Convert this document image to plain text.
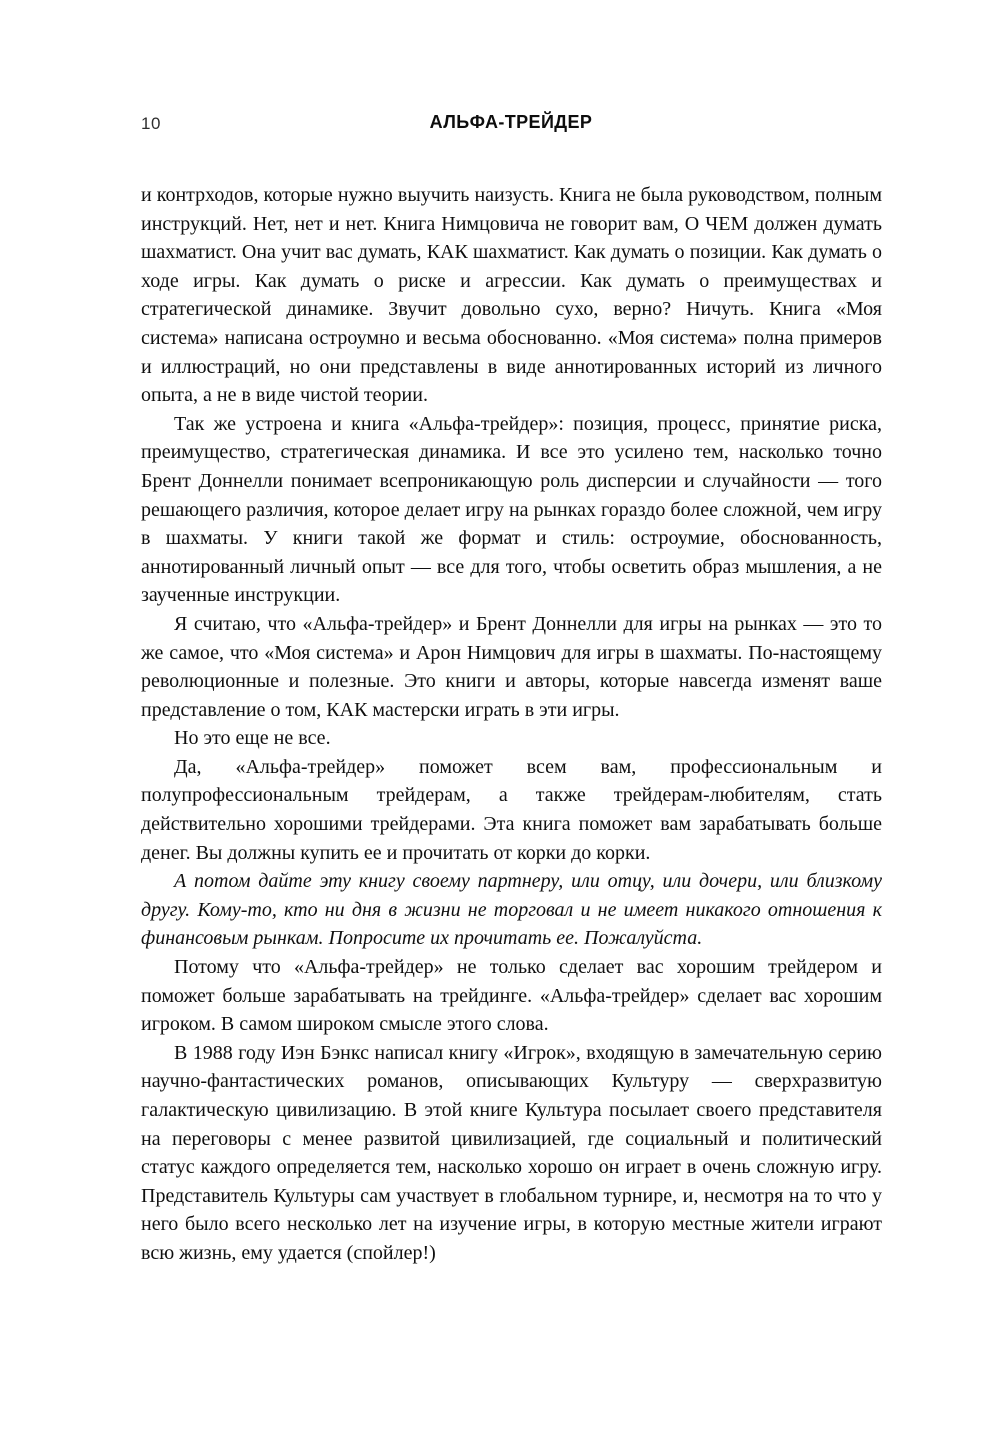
10	АЛЬФА-ТРЕЙДЕР

и контрходов, которые нужно выучить наизусть. Книга не была руководством, полным инструкций. Нет, нет и нет. Книга Нимцовича не говорит вам, О ЧЕМ должен думать шахматист. Она учит вас думать, КАК шахматист. Как думать о позиции. Как думать о ходе игры. Как думать о риске и агрессии. Как думать о преимуществах и стратегической динамике. Звучит довольно сухо, верно? Ничуть. Книга «Моя система» написана остроумно и весьма обоснованно. «Моя система» полна примеров и иллюстраций, но они представлены в виде аннотированных историй из личного опыта, а не в виде чистой теории.

Так же устроена и книга «Альфа-трейдер»: позиция, процесс, принятие риска, преимущество, стратегическая динамика. И все это усилено тем, насколько точно Брент Доннелли понимает всепроникающую роль дисперсии и случайности — того решающего различия, которое делает игру на рынках гораздо более сложной, чем игру в шахматы. У книги такой же формат и стиль: остроумие, обоснованность, аннотированный личный опыт — все для того, чтобы осветить образ мышления, а не заученные инструкции.

Я считаю, что «Альфа-трейдер» и Брент Доннелли для игры на рынках — это то же самое, что «Моя система» и Арон Нимцович для игры в шахматы. По-настоящему революционные и полезные. Это книги и авторы, которые навсегда изменят ваше представление о том, КАК мастерски играть в эти игры.

Но это еще не все.

Да, «Альфа-трейдер» поможет всем вам, профессиональным и полупрофессиональным трейдерам, а также трейдерам-любителям, стать действительно хорошими трейдерами. Эта книга поможет вам зарабатывать больше денег. Вы должны купить ее и прочитать от корки до корки.

А потом дайте эту книгу своему партнеру, или отцу, или дочери, или близкому другу. Кому-то, кто ни дня в жизни не торговал и не имеет никакого отношения к финансовым рынкам. Попросите их прочитать ее. Пожалуйста.

Потому что «Альфа-трейдер» не только сделает вас хорошим трейдером и поможет больше зарабатывать на трейдинге. «Альфа-трейдер» сделает вас хорошим игроком. В самом широком смысле этого слова.

В 1988 году Иэн Бэнкс написал книгу «Игрок», входящую в замечательную серию научно-фантастических романов, описывающих Культуру — сверхразвитую галактическую цивилизацию. В этой книге Культура посылает своего представителя на переговоры с менее развитой цивилизацией, где социальный и политический статус каждого определяется тем, насколько хорошо он играет в очень сложную игру. Представитель Культуры сам участвует в глобальном турнире, и, несмотря на то что у него было всего несколько лет на изучение игры, в которую местные жители играют всю жизнь, ему удается (спойлер!)
